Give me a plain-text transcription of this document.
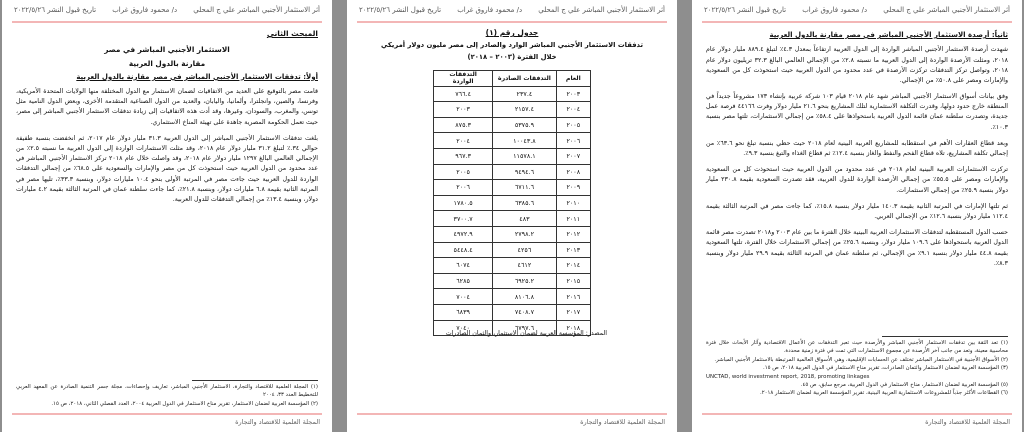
أثر الاستثمار الأجنبي المباشر علي ج المحلي
د/ محمود فاروق غراب
تاريخ قبول النشر ٢٠٢٢/٥/٢٦
المبحث الثاني
الاستثمار الأجنبي المباشر في مصر
مقارنة بالدول العربية
أولاً: تدفقات الاستثمار الأجنبي المباشر في مصر مقارنة بالدول العربية

قامت مصر بالتوقيع على العديد من الاتفاقيات لضمان الاستثمار مع الدول المختلفة منها الولايات المتحدة الأمريكية، وفرنسا، والصين، وانجلترا، وألمانيا، واليابان، والعديد من الدول الصناعية المتقدمة الأخرى، وبعض الدول النامية مثل تونس، والمغرب، والسودان، وغيرها، وقد أدت هذه الاتفاقيات إلى زيادة تدفقات الاستثمار الأجنبي المباشر إلى مصر، حيث تعمل الحكومة المصرية جاهدة على تهيئة المناخ الاستثماري.

بلغت تدفقات الاستثمار الأجنبي المباشر إلى الدول العربية ٣١.٣ مليار دولار عام ٢٠١٧، ثم انخفضت بنسبة طفيفة حوالي ٣٤.٪ لتبلغ ٣١.٢ مليار دولار عام ٢٠١٨، وقد مثلت الاستثمارات الواردة إلى الدول العربية ما نسبته ٢.٥٪ من الإجمالي العالمي البالغ ١٢٩٧ مليار دولار عام ٢٠١٨، وقد واصلت خلال عام ٢٠١٨ تركز الاستثمار الأجنبي المباشر في عدد محدود من الدول العربية حيث استحوذت كل من مصر والإمارات والسعودية على ٦٨.٥٪ من إجمالي التدفقات الواردة للدول العربية حيث جاءت مصر في المرتبة الأولى بنحو ١٠.٤ مليارات دولار، وبنسبة ٣٣.٣٪، تليها مصر في المرتبة الثانية بقيمة ٦.٨ مليارات دولار، وبنسبة ٢١.٨٪، كما جاءت سلطنة عمان في المرتبة الثالثة بقيمة ٤.٢ مليارات دولار، وبنسبة ١٣.٤٪ من إجمالي التدفقات للدول العربية.

(١) المجلة العلمية للاقتصاد والتجارة، الاستثمار الأجنبي المباشر، تعاريف وإحصاءات، مجلة جسر التنمية الصادرة عن المعهد العربي للتخطيط العدد ٣٣، ٢٠٠٤
(٢) المؤسسة العربية لضمان الاستثمار، تقرير مناخ الاستثمار في الدول العربية ٢٠٠٤، العدد الفصلي الثاني، ٢٠١٨، ص ١٥.
المجلة العلمية للاقتصاد والتجارة
أثر الاستثمار الأجنبي المباشر علي ج المحلي
د/ محمود فاروق غراب
تاريخ قبول النشر ٢٠٢٢/٥/٢٦
جدول رقم (١)
تدفقات الاستثمار الأجنبي المباشر الوارد والصادر إلى مصر مليون دولار أمريكي
خلال الفترة (٢٠٠٣ – ٢٠١٨)
العام	التدفقات الصادرة	التدفقات الواردة
٢٠٠٣	٢٣٧.٤	٧٦٦.٤
٢٠٠٤	٢١٥٧.٤	٢٠٠٣
٢٠٠٥	٥٣٧٥.٩	٨٧٥.٣
٢٠٠٦	١٠٠٤٣.٨	٢٠٠٤
٢٠٠٧	١١٥٧٨.١	٩٦٧.٣
٢٠٠٨	٩٤٩٤.٦	٢٠٠٥
٢٠٠٩	٦٧١١.٦	٢٠٠٦
٢٠١٠	٦٣٨٥.٦	١٧٨٠.٥
٢٠١١	٤٨٣	٣٧٠٠.٧
٢٠١٢	٢٧٩٨.٢	٤٩٧٢.٩
٢٠١٣	٤٢٥٦	٥٤٤٨.٤
٢٠١٤	٤٦١٢	٦٠٧٤
٢٠١٥	٦٩٢٥.٢	٦٢٨٥
٢٠١٦	٨١٠٦.٨	٧٠٠٤
٢٠١٧	٧٤٠٨.٧	٦٨٣٩
٢٠١٨	٦٧٩٧.٦	٧٠٤٠
المصدر: المؤسسة العربية لضمان الاستثمار، والثمان الصادرات
المجلة العلمية للاقتصاد والتجارة
أثر الاستثمار الأجنبي المباشر علي ج المحلي
د/ محمود فاروق غراب
تاريخ قبول النشر ٢٠٢٢/٥/٢٦
ثانياً: أرصدة الاستثمار الأجنبي المباشر في مصر مقارنة بالدول العربية

شهدت أرصدة الاستثمار الأجنبي المباشر الواردة إلى الدول العربية ارتفاعاً بمعدل ٤.٣٪ لتبلغ ٨٨٩.٤ مليار دولار عام ٢٠١٨، ومثلت الأرصدة الواردة إلى الدول العربية ما نسبته ٢.٨٪ من الإجمالي العالمي البالغ ٣٢.٣ تريليون دولار عام ٢٠١٨، وتواصل تركز التدفقات تركزت الأرصدة في عدد محدود من الدول العربية حيث استحوذت كل من السعودية والإمارات ومصر على ٥٠.٨٪ من الإجمالي.

وفق بيانات أسواق الاستثمار الأجنبي المباشر شهد عام ٢٠١٨ قيام ١٠٣ شركة عربية بإنشاء ١٧٣ مشروعاً جديداً في المنطقة خارج حدود دولها، وقدرت التكلفة الاستثمارية لتلك المشاريع بنحو ٢١.٦ مليار دولار وفرت ٤٤١٦٦ فرصة عمل جديدة، وتصدرت سلطنة عمان قائمة الدول العربية باستحواذها على ٥٨.٤٪ من إجمالي الاستثمارات، تلتها مصر بنسبة ١٠.٣٪.

وبعد قطاع العقارات الأهم في استقطابه للمشاريع العربية البينية لعام ٢٠١٨ حيث حظي بنسبة تبلغ نحو ٦٣.٦٪ من إجمالي تكلفة المشاريع، تلاه قطاع الفحم والنفط والغاز بنسبة ١٢.٤٪ ثم قطاع الغذاء والتبغ بنسبة ٩.٣٪.

تركزت الاستثمارات العربية البينية لعام ٢٠١٨ في عدد محدود من الدول العربية حيث استحوذت كل من السعودية والإمارات ومصر على ٥٥.٥٪ من إجمالي الأرصدة الواردة للدول العربية، فقد تصدرت السعودية بقيمة ٢٣٠.٨ مليار دولار بنسبة ٢٥.٩٪ من إجمالي الاستثمارات.

ثم تلتها الإمارات في المرتبة الثانية بقيمة ١٤٠.٣ مليار دولار بنسبة ١٥.٨٪، كما جاءت مصر في المرتبة الثالثة بقيمة ١١٢.٤ مليار دولار بنسبة ١٢.٦٪ من الإجمالي العربي.

حسب الدول المستقطبة لتدفقات الاستثمارات العربية البينية خلال الفترة ما بين عام ٢٠٠٣ و٢٠١٨ تصدرت مصر قائمة الدول العربية باستحواذها على ١٠٩.٦ مليار دولار، وبنسبة ٢٥.٦٪ من إجمالي الاستثمارات خلال الفترة، تلتها السعودية بقيمة ٤٤.٨ مليار دولار بنسبة ٩.١٪ من الإجمالي، ثم سلطنة عمان في المرتبة الثالثة بقيمة ٢٩.٩ مليار دولار وبنسبة ٨.٣٪.

(١) تعد الثقة بين تدفقات الاستثمار الأجنبي المباشر والأرصدة حيث تعبر التدفقات عن الأعمال الاقتصادية وآثار الأبحاث خلال فترة محاسبية معينة، وتعد من جانب آخر الأرصدة عن مجموع الاستثمارات التي تمت في فترة زمنية محددة.
(٢) الأسواق الأجنبية في الاستثمار المباشر تختلف عن الحسابات الإقليمية، وهي الأسواق العالمية المرتبطة بالاستثمار الأجنبي المباشر.
(٣) المؤسسة العربية لضمان الاستثمار وائتمان الصادرات، تقرير مناخ الاستثمار في الدول العربية ٢٠١٨، ص ١٥.
UNCTAD, world investment report, 2018, promoting linkages
(٥) المؤسسة العربية لضمان الاستثمار، مناخ الاستثمار في الدول العربية، مرجع سابق، ص ٤٥.
(٦) القطاعات الأكثر جذباً للمشروعات الاستثمارية العربية البينية، تقرير المؤسسة العربية لضمان الاستثمار ٢٠١٨.
المجلة العلمية للاقتصاد والتجارة
